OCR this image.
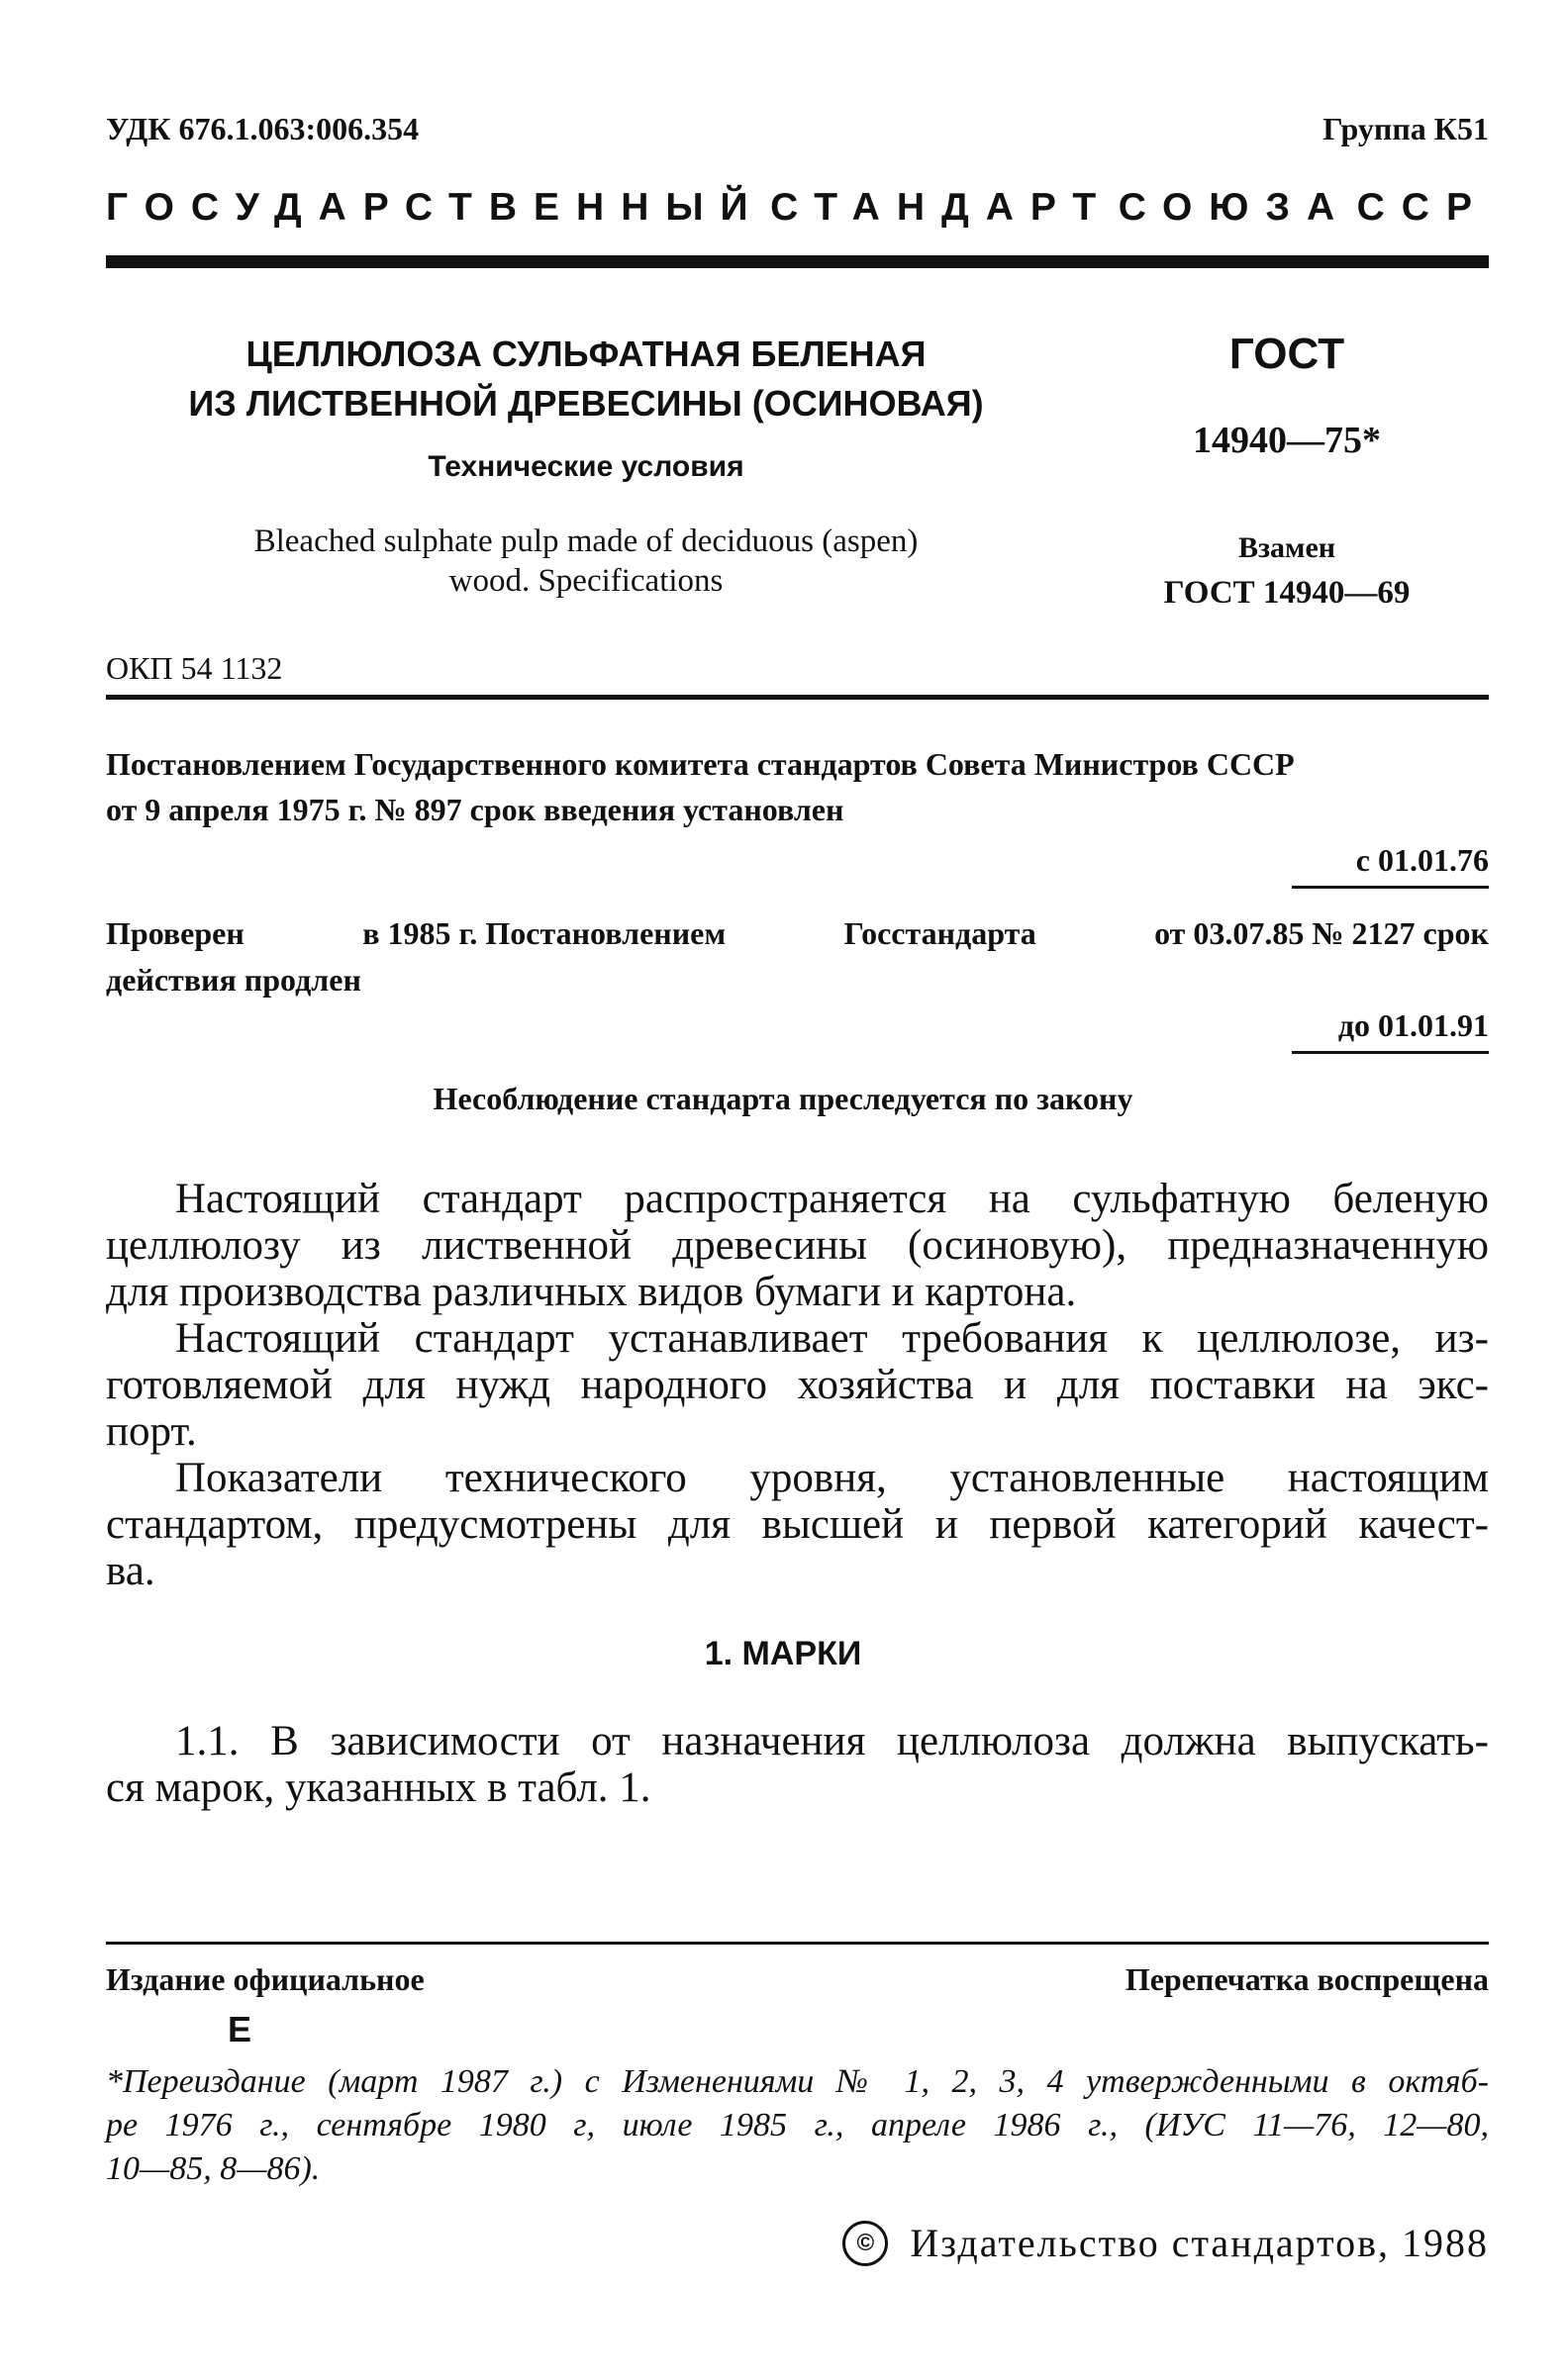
УДК 676.1.063:006.354	Группа К51
ГОСУДАРСТВЕННЫЙ СТАНДАРТ СОЮЗА ССР
ЦЕЛЛЮЛОЗА СУЛЬФАТНАЯ БЕЛЕНАЯ
ИЗ ЛИСТВЕННОЙ ДРЕВЕСИНЫ (ОСИНОВАЯ)
Технические условия
Bleached sulphate pulp made of deciduous (aspen) wood. Specifications
ГОСТ
14940—75*
Взамен
ГОСТ 14940—69
ОКП 54 1132
Постановлением Государственного комитета стандартов Совета Министров СССР
от 9 апреля 1975 г. № 897 срок введения установлен
с 01.01.76
Проверен	в 1985 г. Постановлением	Госстандарта	от 03.07.85 № 2127 срок
действия продлен
до 01.01.91
Несоблюдение стандарта преследуется по закону
Настоящий стандарт распространяется на сульфатную беленую
целлюлозу из лиственной древесины (осиновую), предназначенную
для производства различных видов бумаги и картона.
Настоящий стандарт устанавливает требования к целлюлозе, из-
готовляемой для нужд народного хозяйства и для поставки на экс-
порт.
Показатели технического уровня, установленные настоящим
стандартом, предусмотрены для высшей и первой категорий качест-
ва.
1. МАРКИ
1.1. В зависимости от назначения целлюлоза должна выпускать-
ся марок, указанных в табл. 1.
Издание официальное	Перепечатка воспрещена
Е
*Переиздание (март 1987 г.) с Изменениями № 1, 2, 3, 4 утвержденными в октяб-
ре 1976 г., сентябре 1980 г, июле 1985 г., апреле 1986 г., (ИУС 11—76, 12—80,
10—85, 8—86).
© Издательство стандартов, 1988
